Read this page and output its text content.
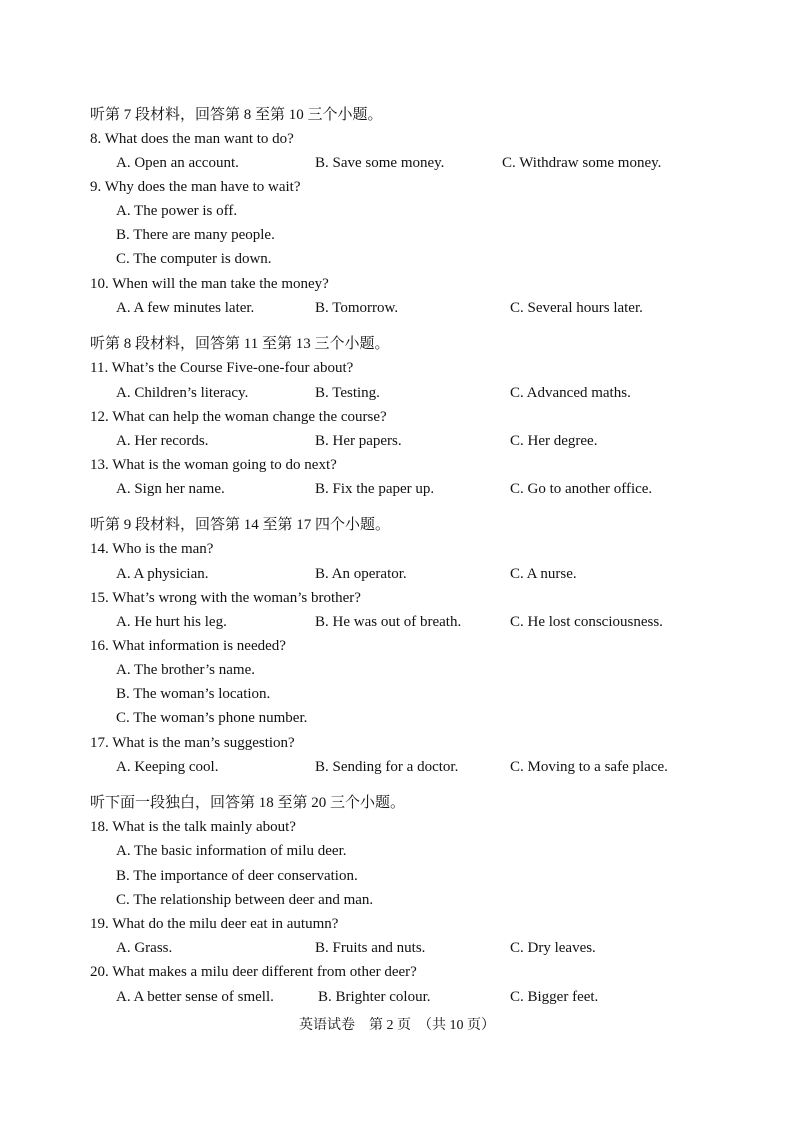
听第 7 段材料，回答第 8 至第 10 三个小题。
8. What does the man want to do?
A. Open an account.	B. Save some money.	C. Withdraw some money.
9. Why does the man have to wait?
A. The power is off.
B. There are many people.
C. The computer is down.
10. When will the man take the money?
A. A few minutes later.	B. Tomorrow.	C. Several hours later.
听第 8 段材料，回答第 11 至第 13 三个小题。
11. What’s the Course Five-one-four about?
A. Children’s literacy.	B. Testing.	C. Advanced maths.
12. What can help the woman change the course?
A. Her records.	B. Her papers.	C. Her degree.
13. What is the woman going to do next?
A. Sign her name.	B. Fix the paper up.	C. Go to another office.
听第 9 段材料，回答第 14 至第 17 四个小题。
14. Who is the man?
A. A physician.	B. An operator.	C. A nurse.
15. What’s wrong with the woman’s brother?
A. He hurt his leg.	B. He was out of breath.	C. He lost consciousness.
16. What information is needed?
A. The brother’s name.
B. The woman’s location.
C. The woman’s phone number.
17. What is the man’s suggestion?
A. Keeping cool.	B. Sending for a doctor.	C. Moving to a safe place.
听下面一段独白，回答第 18 至第 20 三个小题。
18. What is the talk mainly about?
A. The basic information of milu deer.
B. The importance of deer conservation.
C. The relationship between deer and man.
19. What do the milu deer eat in autumn?
A. Grass.	B. Fruits and nuts.	C. Dry leaves.
20. What makes a milu deer different from other deer?
A. A better sense of smell.	B. Brighter colour.	C. Bigger feet.
英语试卷　第 2 页　（共 10 页）
